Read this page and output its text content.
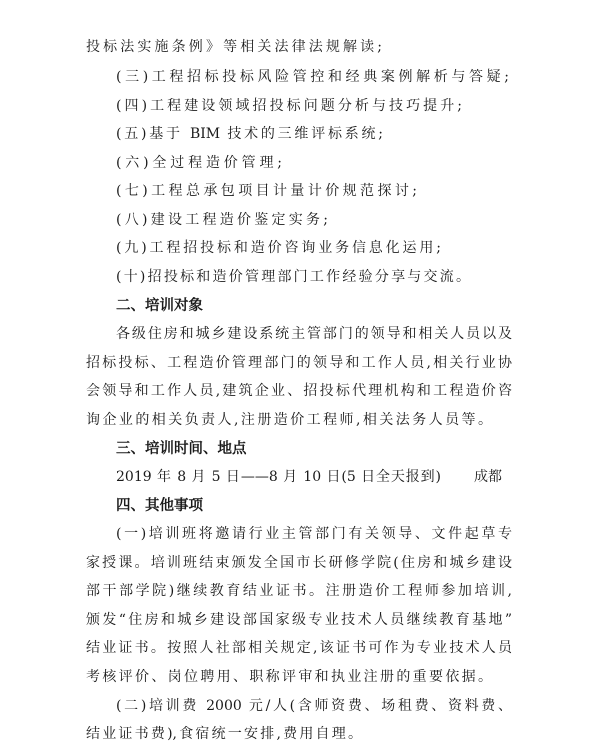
投标法实施条例》等相关法律法规解读;
(三)工程招标投标风险管控和经典案例解析与答疑;
(四)工程建设领域招投标问题分析与技巧提升;
(五)基于 BIM 技术的三维评标系统;
(六)全过程造价管理;
(七)工程总承包项目计量计价规范探讨;
(八)建设工程造价鉴定实务;
(九)工程招投标和造价咨询业务信息化运用;
(十)招投标和造价管理部门工作经验分享与交流。
二、培训对象
各级住房和城乡建设系统主管部门的领导和相关人员以及
招标投标、工程造价管理部门的领导和工作人员,相关行业协
会领导和工作人员,建筑企业、招投标代理机构和工程造价咨
询企业的相关负责人,注册造价工程师,相关法务人员等。
三、培训时间、地点
2019 年 8 月 5 日——8 月 10 日(5 日全天报到) 成都
四、其他事项
(一)培训班将邀请行业主管部门有关领导、文件起草专
家授课。培训班结束颁发全国市长研修学院(住房和城乡建设
部干部学院)继续教育结业证书。注册造价工程师参加培训,
颁发“住房和城乡建设部国家级专业技术人员继续教育基地”
结业证书。按照人社部相关规定,该证书可作为专业技术人员
考核评价、岗位聘用、职称评审和执业注册的重要依据。
(二)培训费 2000 元/人(含师资费、场租费、资料费、
结业证书费),食宿统一安排,费用自理。
